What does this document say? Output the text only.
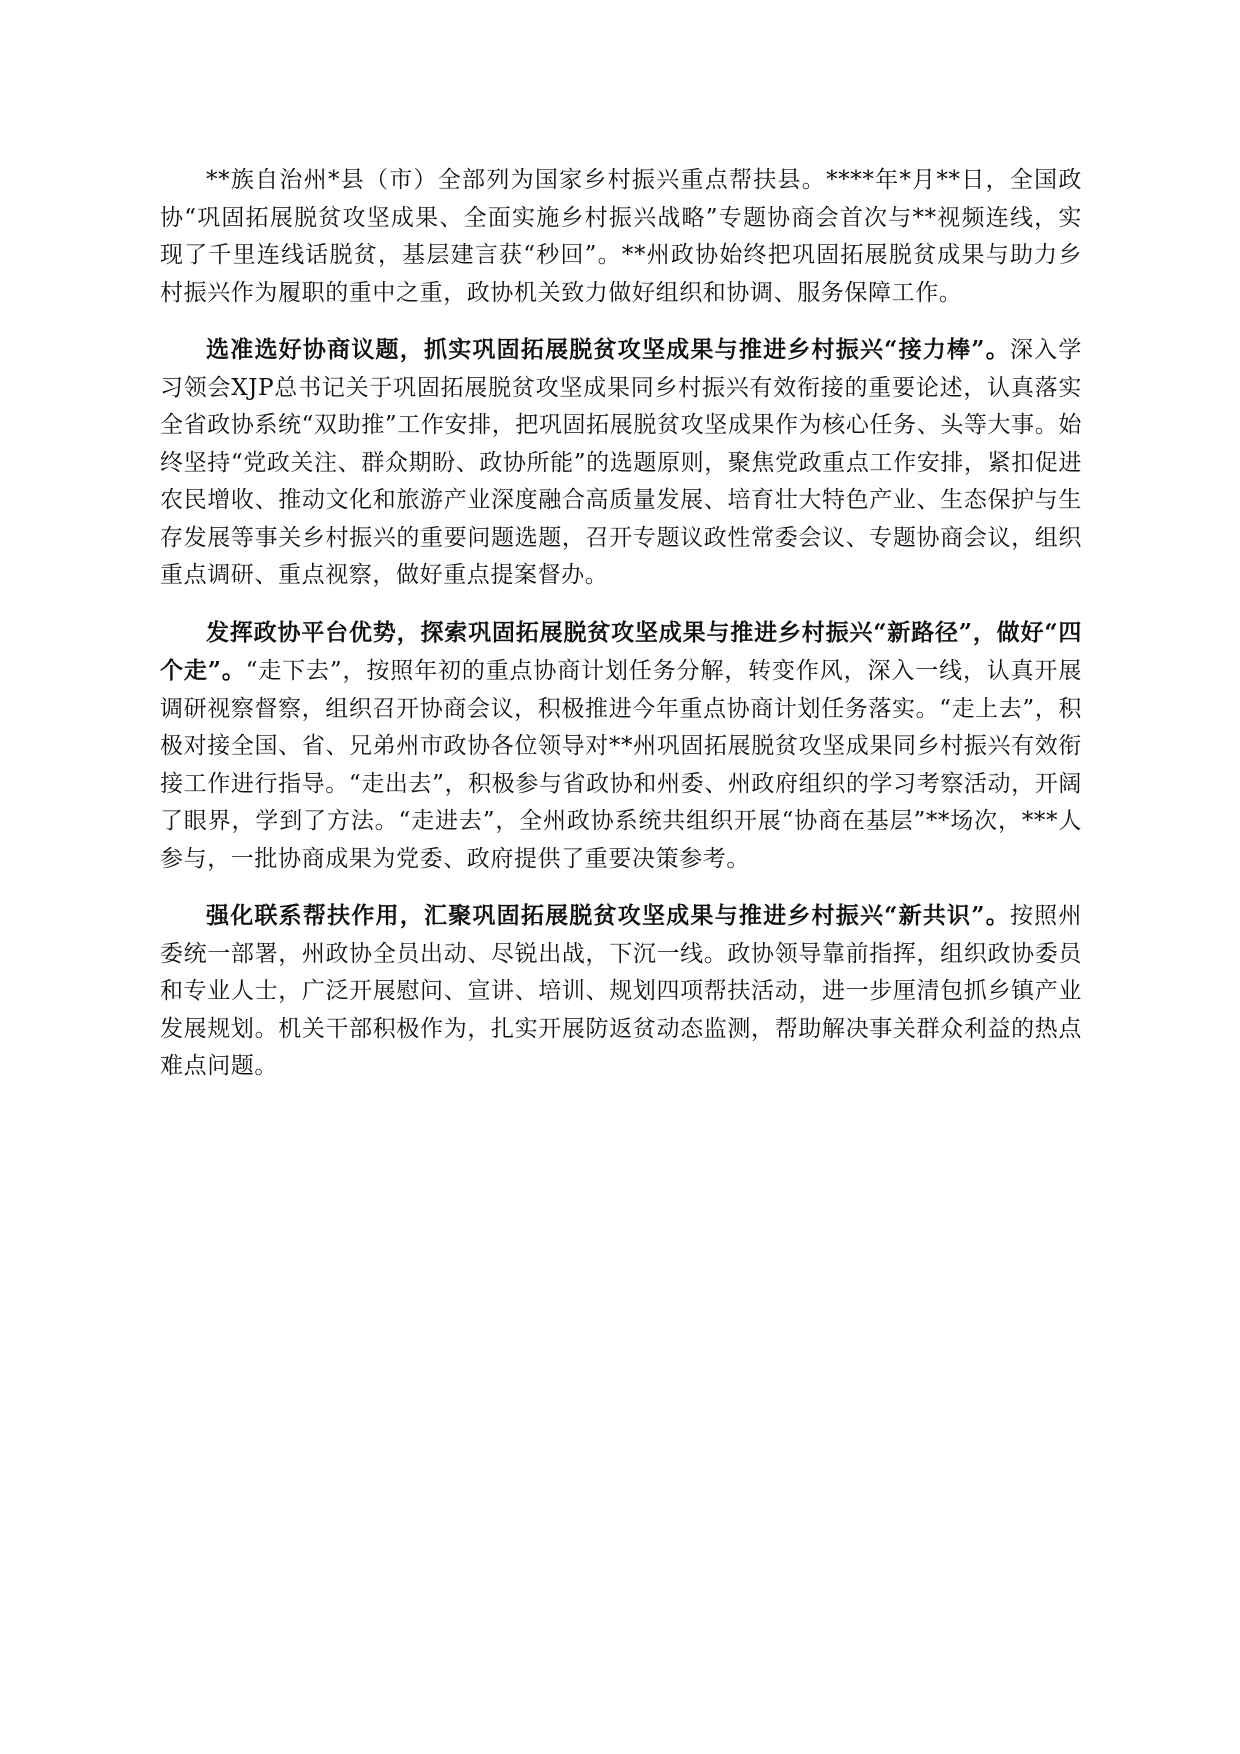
**族自治州*县（市）全部列为国家乡村振兴重点帮扶县。****年*月**日，全国政协“巩固拓展脱贫攻坚成果、全面实施乡村振兴战略”专题协商会首次与**视频连线，实现了千里连线话脱贫，基层建言获“秒回”。**州政协始终把巩固拓展脱贫成果与助力乡村振兴作为履职的重中之重，政协机关致力做好组织和协调、服务保障工作。

选准选好协商议题，抓实巩固拓展脱贫攻坚成果与推进乡村振兴“接力棒”。深入学习领会XJP总书记关于巩固拓展脱贫攻坚成果同乡村振兴有效衔接的重要论述，认真落实全省政协系统“双助推”工作安排，把巩固拓展脱贫攻坚成果作为核心任务、头等大事。始终坚持“党政关注、群众期盼、政协所能”的选题原则，聚焦党政重点工作安排，紧扣促进农民增收、推动文化和旅游产业深度融合高质量发展、培育壮大特色产业、生态保护与生存发展等事关乡村振兴的重要问题选题，召开专题议政性常委会议、专题协商会议，组织重点调研、重点视察，做好重点提案督办。

发挥政协平台优势，探索巩固拓展脱贫攻坚成果与推进乡村振兴“新路径”，做好“四个走”。“走下去”，按照年初的重点协商计划任务分解，转变作风，深入一线，认真开展调研视察督察，组织召开协商会议，积极推进今年重点协商计划任务落实。“走上去”，积极对接全国、省、兄弟州市政协各位领导对**州巩固拓展脱贫攻坚成果同乡村振兴有效衔接工作进行指导。“走出去”，积极参与省政协和州委、州政府组织的学习考察活动，开阔了眼界，学到了方法。“走进去”，全州政协系统共组织开展“协商在基层”**场次，***人参与，一批协商成果为党委、政府提供了重要决策参考。

强化联系帮扶作用，汇聚巩固拓展脱贫攻坚成果与推进乡村振兴“新共识”。按照州委统一部署，州政协全员出动、尽锐出战，下沉一线。政协领导靠前指挥，组织政协委员和专业人士，广泛开展慰问、宣讲、培训、规划四项帮扶活动，进一步厘清包抓乡镇产业发展规划。机关干部积极作为，扎实开展防返贫动态监测，帮助解决事关群众利益的热点难点问题。
